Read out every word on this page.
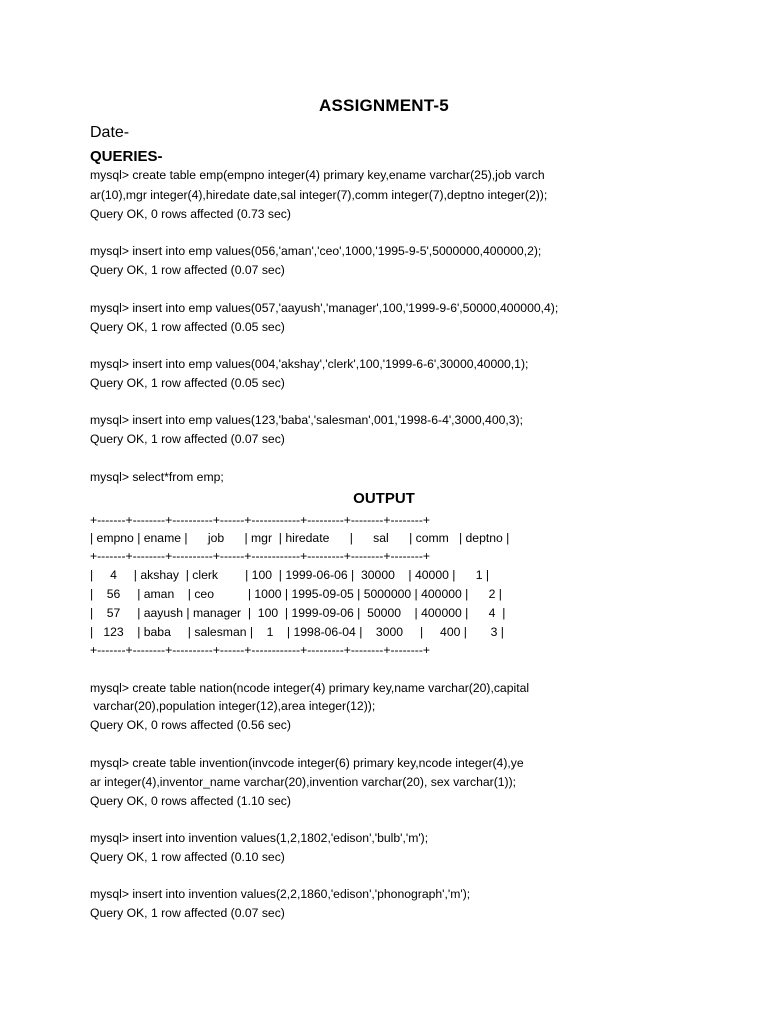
ASSIGNMENT-5
Date-
QUERIES-
mysql> create table emp(empno integer(4) primary key,ename varchar(25),job varch
ar(10),mgr integer(4),hiredate date,sal integer(7),comm integer(7),deptno integer(2));
Query OK, 0 rows affected (0.73 sec)
mysql> insert into emp values(056,'aman','ceo',1000,'1995-9-5',5000000,400000,2);
Query OK, 1 row affected (0.07 sec)
mysql> insert into emp values(057,'aayush','manager',100,'1999-9-6',50000,400000,4);
Query OK, 1 row affected (0.05 sec)
mysql> insert into emp values(004,'akshay','clerk',100,'1999-6-6',30000,40000,1);
Query OK, 1 row affected (0.05 sec)
mysql> insert into emp values(123,'baba','salesman',001,'1998-6-4',3000,400,3);
Query OK, 1 row affected (0.07 sec)
mysql> select*from emp;
OUTPUT
+-------+--------+----------+------+------------+---------+--------+--------+
| empno | ename |      job      | mgr  | hiredate      |      sal      | comm   | deptno |
+-------+--------+----------+------+------------+---------+--------+--------+
|     4     | akshay  | clerk        | 100  | 1999-06-06 |  30000    | 40000 |      1 |
|    56     | aman    | ceo          | 1000 | 1995-09-05 | 5000000 | 400000 |      2 |
|    57     | aayush | manager  |  100  | 1999-09-06 |  50000    | 400000 |      4  |
|   123    | baba     | salesman |    1    | 1998-06-04 |    3000     |     400 |       3 |
+-------+--------+----------+------+------------+---------+--------+--------+
mysql> create table nation(ncode integer(4) primary key,name varchar(20),capital
varchar(20),population integer(12),area integer(12));
Query OK, 0 rows affected (0.56 sec)
mysql> create table invention(invcode integer(6) primary key,ncode integer(4),ye
ar integer(4),inventor_name varchar(20),invention varchar(20), sex varchar(1));
Query OK, 0 rows affected (1.10 sec)
mysql> insert into invention values(1,2,1802,'edison','bulb','m');
Query OK, 1 row affected (0.10 sec)
mysql> insert into invention values(2,2,1860,'edison','phonograph','m');
Query OK, 1 row affected (0.07 sec)
